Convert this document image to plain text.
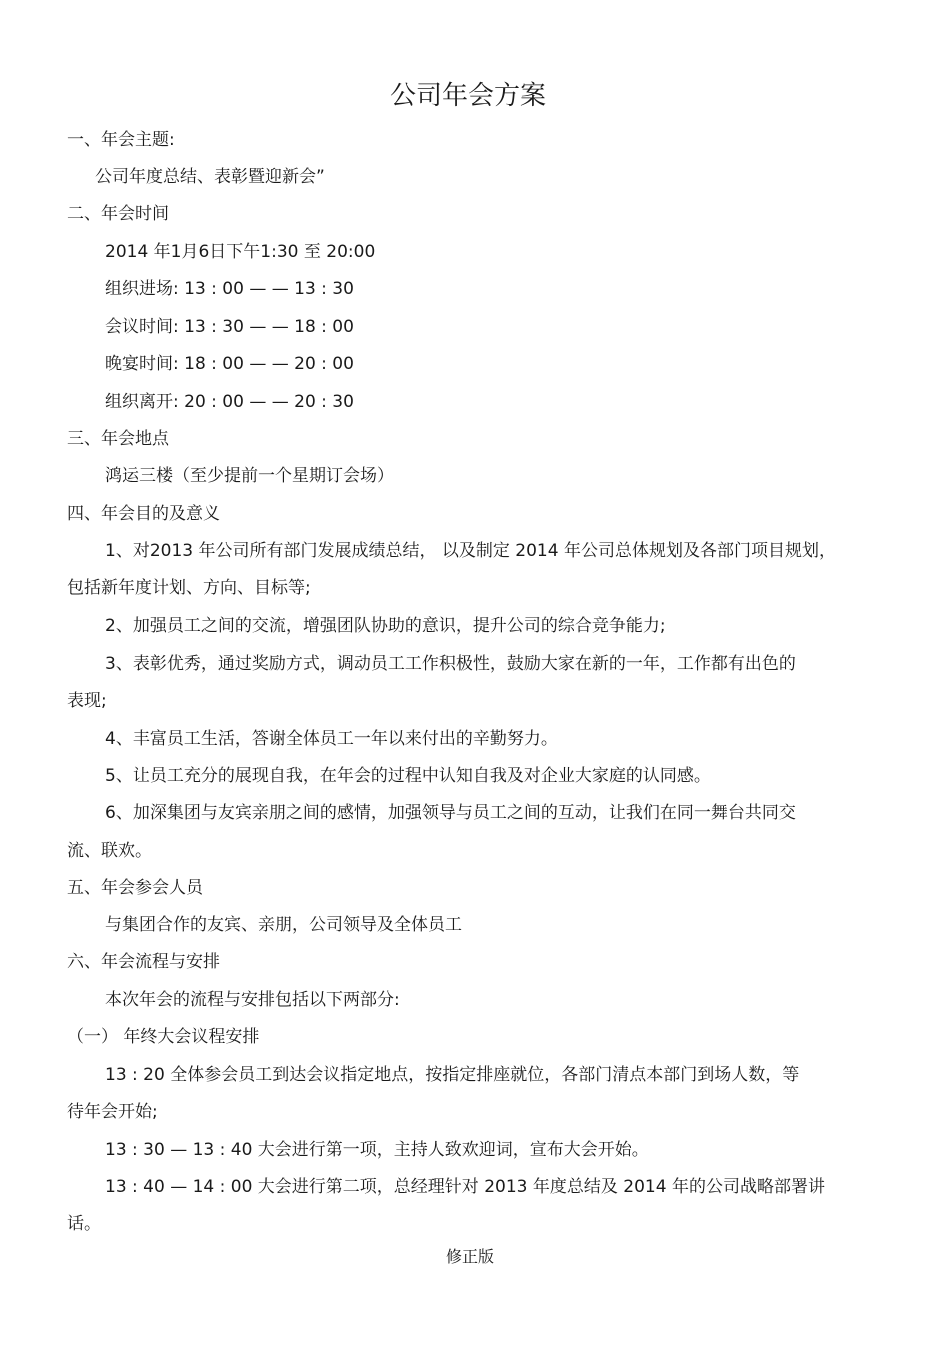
公司年会方案
一、年会主题:
公司年度总结、表彰暨迎新会”
二、年会时间
2014 年1月6日下午1:30 至 20:00
组织进场: 13 : 00 — — 13 : 30
会议时间: 13 : 30 — — 18 : 00
晚宴时间: 18 : 00 — — 20 : 00
组织离开: 20 : 00 — — 20 : 30
三、年会地点
鸿运三楼（至少提前一个星期订会场）
四、年会目的及意义
1、对2013 年公司所有部门发展成绩总结， 以及制定 2014 年公司总体规划及各部门项目规划，
包括新年度计划、方向、目标等;
2、加强员工之间的交流，增强团队协助的意识，提升公司的综合竞争能力;
3、表彰优秀，通过奖励方式，调动员工工作积极性，鼓励大家在新的一年，工作都有出色的
表现;
4、丰富员工生活，答谢全体员工一年以来付出的辛勤努力。
5、让员工充分的展现自我，在年会的过程中认知自我及对企业大家庭的认同感。
6、加深集团与友宾亲朋之间的感情，加强领导与员工之间的互动，让我们在同一舞台共同交
流、联欢。
五、年会参会人员
与集团合作的友宾、亲朋，公司领导及全体员工
六、年会流程与安排
本次年会的流程与安排包括以下两部分:
（一） 年终大会议程安排
13 : 20 全体参会员工到达会议指定地点，按指定排座就位，各部门清点本部门到场人数，等
待年会开始;
13 : 30 — 13 : 40 大会进行第一项，主持人致欢迎词，宣布大会开始。
13 : 40 — 14 : 00 大会进行第二项，总经理针对 2013 年度总结及 2014 年的公司战略部署讲
话。
修正版
